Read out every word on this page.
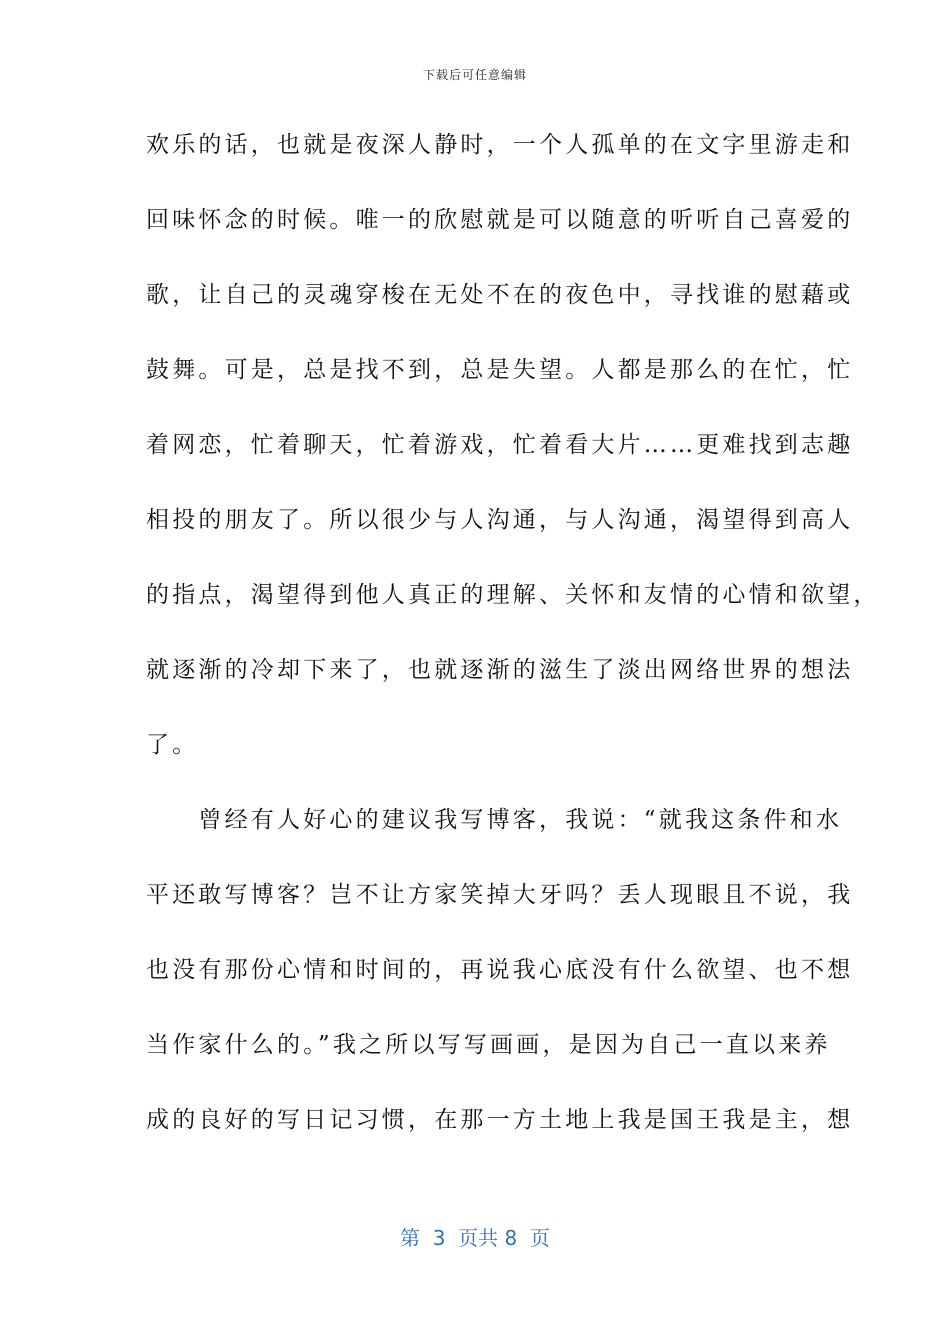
下载后可任意编辑
欢乐的话，也就是夜深人静时，一个人孤单的在文字里游走和
回味怀念的时候。唯一的欣慰就是可以随意的听听自己喜爱的
歌，让自己的灵魂穿梭在无处不在的夜色中，寻找谁的慰藉或
鼓舞。可是，总是找不到，总是失望。人都是那么的在忙，忙
着网恋，忙着聊天，忙着游戏，忙着看大片……更难找到志趣
相投的朋友了。所以很少与人沟通，与人沟通，渴望得到高人
的指点，渴望得到他人真正的理解、关怀和友情的心情和欲望，
就逐渐的冷却下来了，也就逐渐的滋生了淡出网络世界的想法
了。
　　曾经有人好心的建议我写博客，我说：“就我这条件和水
平还敢写博客？岂不让方家笑掉大牙吗？丢人现眼且不说，我
也没有那份心情和时间的，再说我心底没有什么欲望、也不想
当作家什么的。”我之所以写写画画，是因为自己一直以来养
成的良好的写日记习惯，在那一方土地上我是国王我是主，想
第  3  页共 8  页
